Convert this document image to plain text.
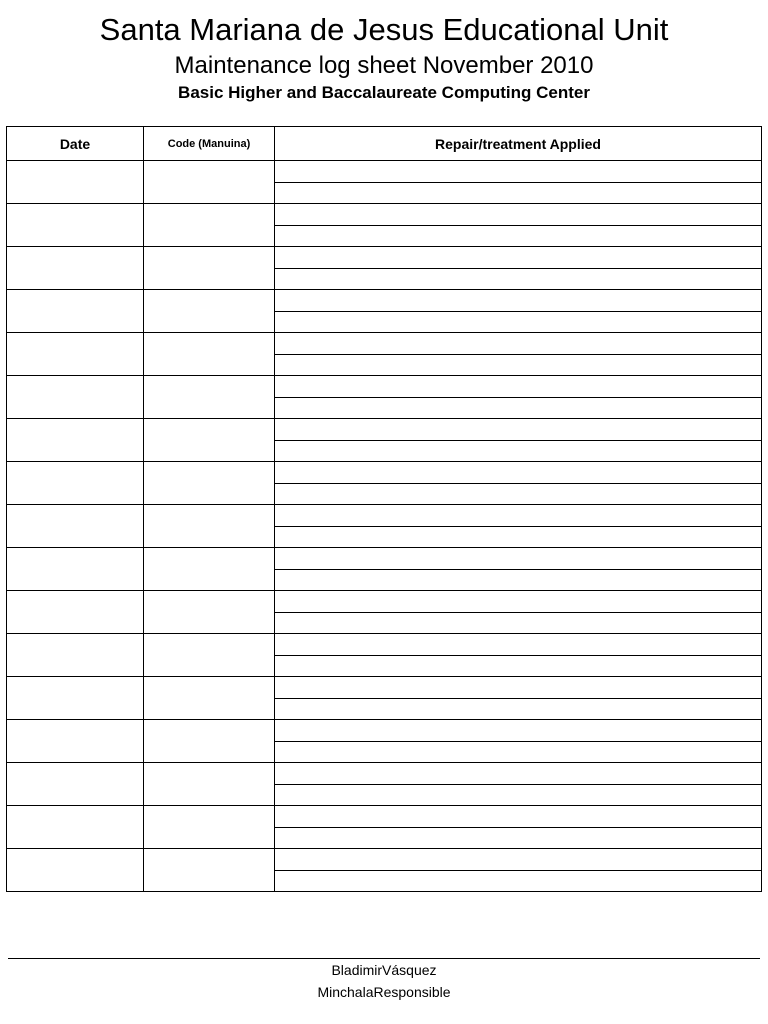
Santa Mariana de Jesus Educational Unit
Maintenance log sheet November 2010
Basic Higher and Baccalaureate Computing Center
Date	Code (Manuina)	Repair/treatment Applied

BladimirVásquez
MinchalaResponsible
